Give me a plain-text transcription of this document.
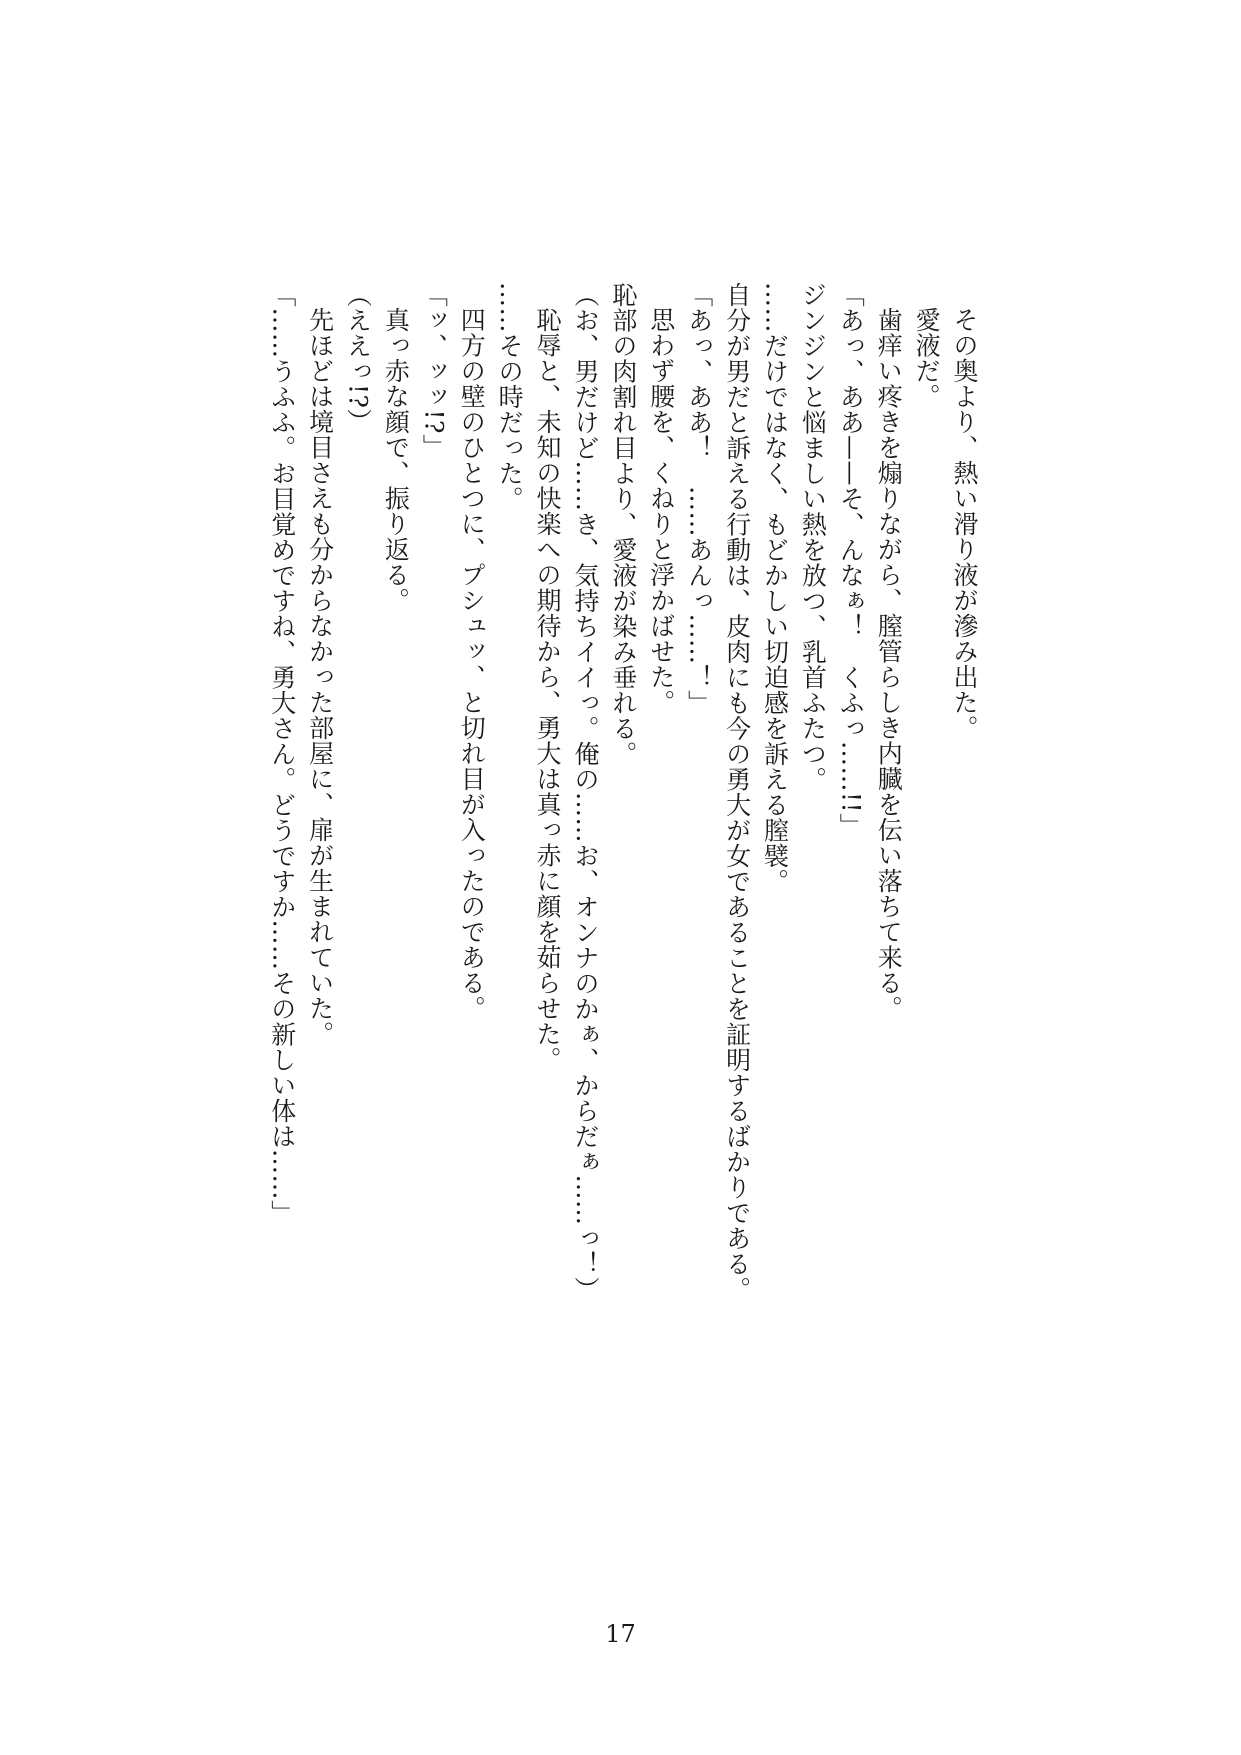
その奥より、熱い滑り液が滲み出た。
愛液だ。
歯痒い疼きを煽りながら、膣管らしき内臓を伝い落ちて来る。
「あっ、ああ——そ、んなぁ！　くふっ……!!」
ジンジンと悩ましい熱を放つ、乳首ふたつ。
……だけではなく、もどかしい切迫感を訴える膣襞。
自分が男だと訴える行動は、皮肉にも今の勇大が女であることを証明するばかりである。
「あっ、ああ！　……あんっ……！」
思わず腰を、くねりと浮かばせた。
恥部の肉割れ目より、愛液が染み垂れる。
（お、男だけど……き、気持ちイイっ。俺の……お、オンナのかぁ、からだぁ……っ！）
恥辱と、未知の快楽への期待から、勇大は真っ赤に顔を茹らせた。
……その時だった。
四方の壁のひとつに、プシュッ、と切れ目が入ったのである。
「ッ、ッッ!?」
真っ赤な顔で、振り返る。
（ええっ!?）
先ほどは境目さえも分からなかった部屋に、扉が生まれていた。
「……うふふ。お目覚めですね、勇大さん。どうですか……その新しい体は……」
17
